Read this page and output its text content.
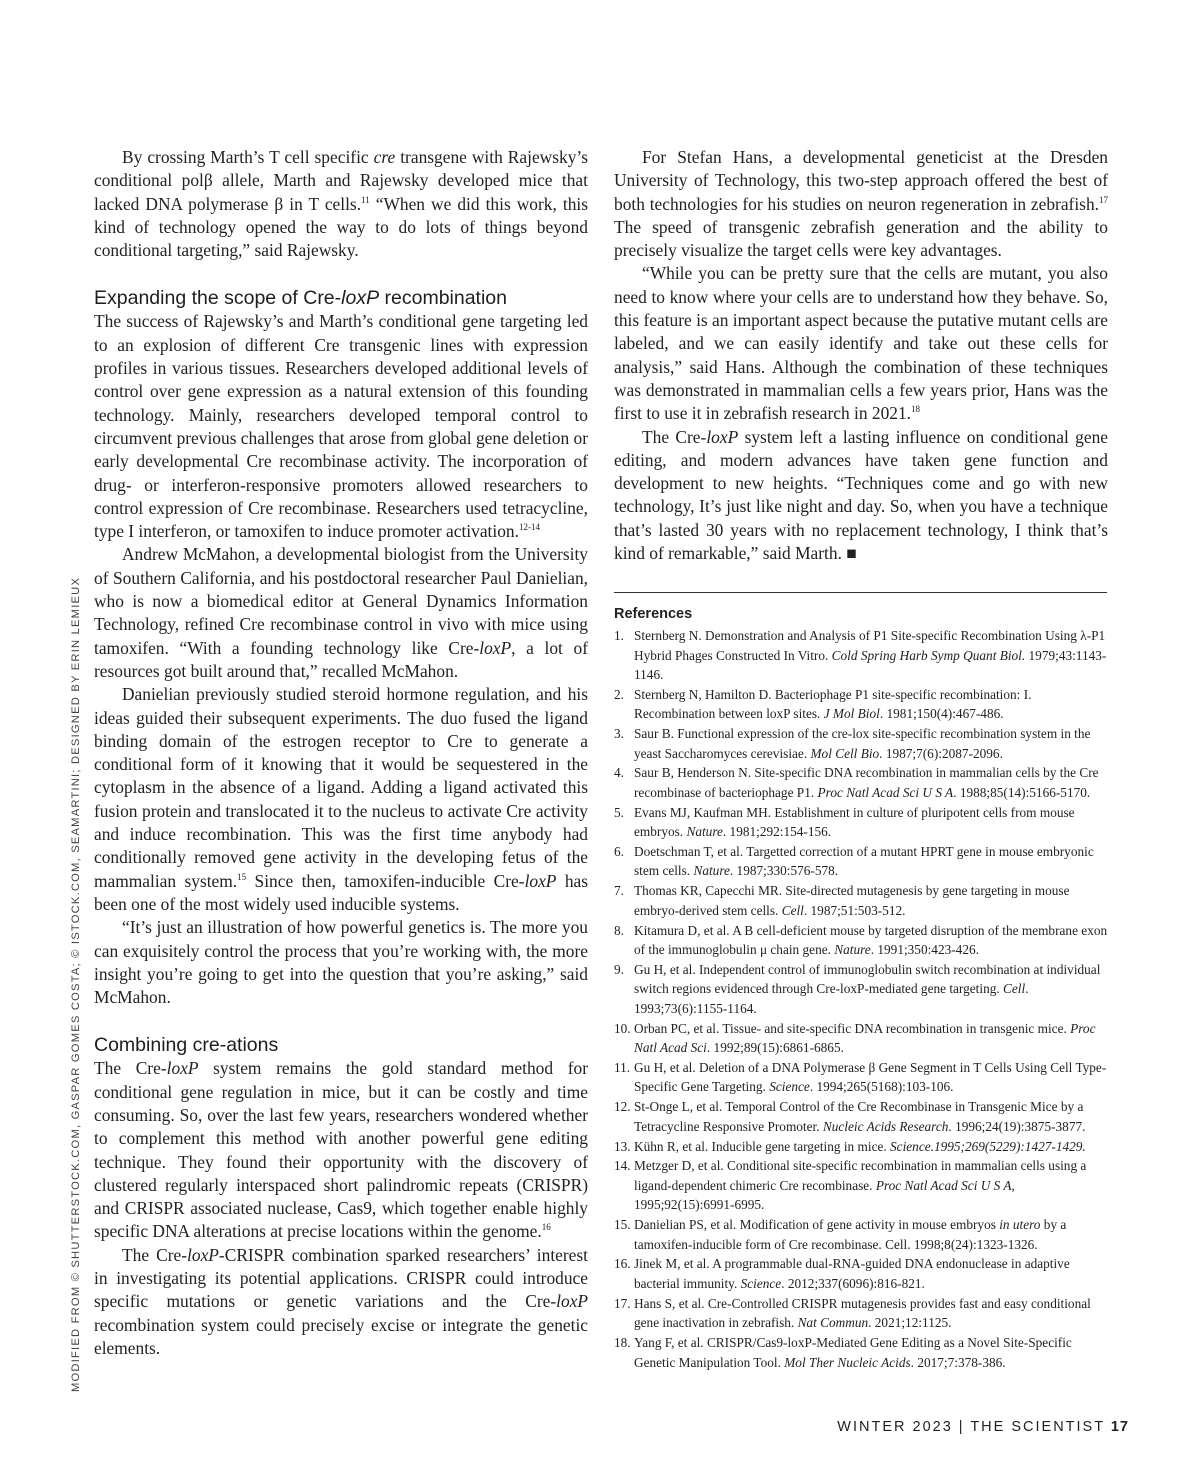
MODIFIED FROM © SHUTTERSTOCK.COM, GASPAR GOMES COSTA; © ISTOCK.COM, SEAMARTINI; DESIGNED BY ERIN LEMIEUX

By crossing Marth’s T cell specific cre transgene with Rajewsky’s conditional polβ allele, Marth and Rajewsky developed mice that lacked DNA polymerase β in T cells.$^{11}$ “When we did this work, this kind of technology opened the way to do lots of things beyond conditional targeting,” said Rajewsky.

Expanding the scope of Cre-loxP recombination

The success of Rajewsky’s and Marth’s conditional gene targeting led to an explosion of different Cre transgenic lines with expression profiles in various tissues. Researchers developed additional levels of control over gene expression as a natural extension of this founding technology. Mainly, researchers developed temporal control to circumvent previous challenges that arose from global gene deletion or early developmental Cre recombinase activity. The incorporation of drug- or interferon-responsive promoters allowed researchers to control expression of Cre recombinase. Researchers used tetracycline, type I interferon, or tamoxifen to induce promoter activation.$^{12-14}$

Andrew McMahon, a developmental biologist from the University of Southern California, and his postdoctoral researcher Paul Danielian, who is now a biomedical editor at General Dynamics Information Technology, refined Cre recombinase control in vivo with mice using tamoxifen. “With a founding technology like Cre-loxP, a lot of resources got built around that,” recalled McMahon.

Danielian previously studied steroid hormone regulation, and his ideas guided their subsequent experiments. The duo fused the ligand binding domain of the estrogen receptor to Cre to generate a conditional form of it knowing that it would be sequestered in the cytoplasm in the absence of a ligand. Adding a ligand activated this fusion protein and translocated it to the nucleus to activate Cre activity and induce recombination. This was the first time anybody had conditionally removed gene activity in the developing fetus of the mammalian system.$^{15}$ Since then, tamoxifen-inducible Cre-loxP has been one of the most widely used inducible systems.

“It’s just an illustration of how powerful genetics is. The more you can exquisitely control the process that you’re working with, the more insight you’re going to get into the question that you’re asking,” said McMahon.

Combining cre-ations

The Cre-loxP system remains the gold standard method for conditional gene regulation in mice, but it can be costly and time consuming. So, over the last few years, researchers wondered whether to complement this method with another powerful gene editing technique. They found their opportunity with the discovery of clustered regularly interspaced short palindromic repeats (CRISPR) and CRISPR associated nuclease, Cas9, which together enable highly specific DNA alterations at precise locations within the genome.$^{16}$

The Cre-loxP-CRISPR combination sparked researchers’ interest in investigating its potential applications. CRISPR could introduce specific mutations or genetic variations and the Cre-loxP recombination system could precisely excise or integrate the genetic elements.

For Stefan Hans, a developmental geneticist at the Dresden University of Technology, this two-step approach offered the best of both technologies for his studies on neuron regeneration in zebrafish.$^{17}$ The speed of transgenic zebrafish generation and the ability to precisely visualize the target cells were key advantages.

“While you can be pretty sure that the cells are mutant, you also need to know where your cells are to understand how they behave. So, this feature is an important aspect because the putative mutant cells are labeled, and we can easily identify and take out these cells for analysis,” said Hans. Although the combination of these techniques was demonstrated in mammalian cells a few years prior, Hans was the first to use it in zebrafish research in 2021.18

The Cre-loxP system left a lasting influence on conditional gene editing, and modern advances have taken gene function and development to new heights. “Techniques come and go with new technology, It’s just like night and day. So, when you have a technique that’s lasted 30 years with no replacement technology, I think that’s kind of remarkable,” said Marth. ■

References
1. Sternberg N. Demonstration and Analysis of P1 Site-specific Recombination Using λ-P1 Hybrid Phages Constructed In Vitro. Cold Spring Harb Symp Quant Biol. 1979;43:1143-1146.
2. Sternberg N, Hamilton D. Bacteriophage P1 site-specific recombination: I. Recombination between loxP sites. J Mol Biol. 1981;150(4):467-486.
3. Saur B. Functional expression of the cre-lox site-specific recombination system in the yeast Saccharomyces cerevisiae. Mol Cell Bio. 1987;7(6):2087-2096.
4. Saur B, Henderson N. Site-specific DNA recombination in mammalian cells by the Cre recombinase of bacteriophage P1. Proc Natl Acad Sci U S A. 1988;85(14):5166-5170.
5. Evans MJ, Kaufman MH. Establishment in culture of pluripotent cells from mouse embryos. Nature. 1981;292:154-156.
6. Doetschman T, et al. Targetted correction of a mutant HPRT gene in mouse embryonic stem cells. Nature. 1987;330:576-578.
7. Thomas KR, Capecchi MR. Site-directed mutagenesis by gene targeting in mouse embryo-derived stem cells. Cell. 1987;51:503-512.
8. Kitamura D, et al. A B cell-deficient mouse by targeted disruption of the membrane exon of the immunoglobulin μ chain gene. Nature. 1991;350:423-426.
9. Gu H, et al. Independent control of immunoglobulin switch recombination at individual switch regions evidenced through Cre-loxP-mediated gene targeting. Cell. 1993;73(6):1155-1164.
10. Orban PC, et al. Tissue- and site-specific DNA recombination in transgenic mice. Proc Natl Acad Sci. 1992;89(15):6861-6865.
11. Gu H, et al. Deletion of a DNA Polymerase β Gene Segment in T Cells Using Cell Type-Specific Gene Targeting. Science. 1994;265(5168):103-106.
12. St-Onge L, et al. Temporal Control of the Cre Recombinase in Transgenic Mice by a Tetracycline Responsive Promoter. Nucleic Acids Research. 1996;24(19):3875-3877.
13. Kühn R, et al. Inducible gene targeting in mice. Science.1995;269(5229):1427-1429.
14. Metzger D, et al. Conditional site-specific recombination in mammalian cells using a ligand-dependent chimeric Cre recombinase. Proc Natl Acad Sci U S A, 1995;92(15):6991-6995.
15. Danielian PS, et al. Modification of gene activity in mouse embryos in utero by a tamoxifen-inducible form of Cre recombinase. Cell. 1998;8(24):1323-1326.
16. Jinek M, et al. A programmable dual-RNA-guided DNA endonuclease in adaptive bacterial immunity. Science. 2012;337(6096):816-821.
17. Hans S, et al. Cre-Controlled CRISPR mutagenesis provides fast and easy conditional gene inactivation in zebrafish. Nat Commun. 2021;12:1125.
18. Yang F, et al. CRISPR/Cas9-loxP-Mediated Gene Editing as a Novel Site-Specific Genetic Manipulation Tool. Mol Ther Nucleic Acids. 2017;7:378-386.
WINTER 2023 | THE SCIENTIST 17
